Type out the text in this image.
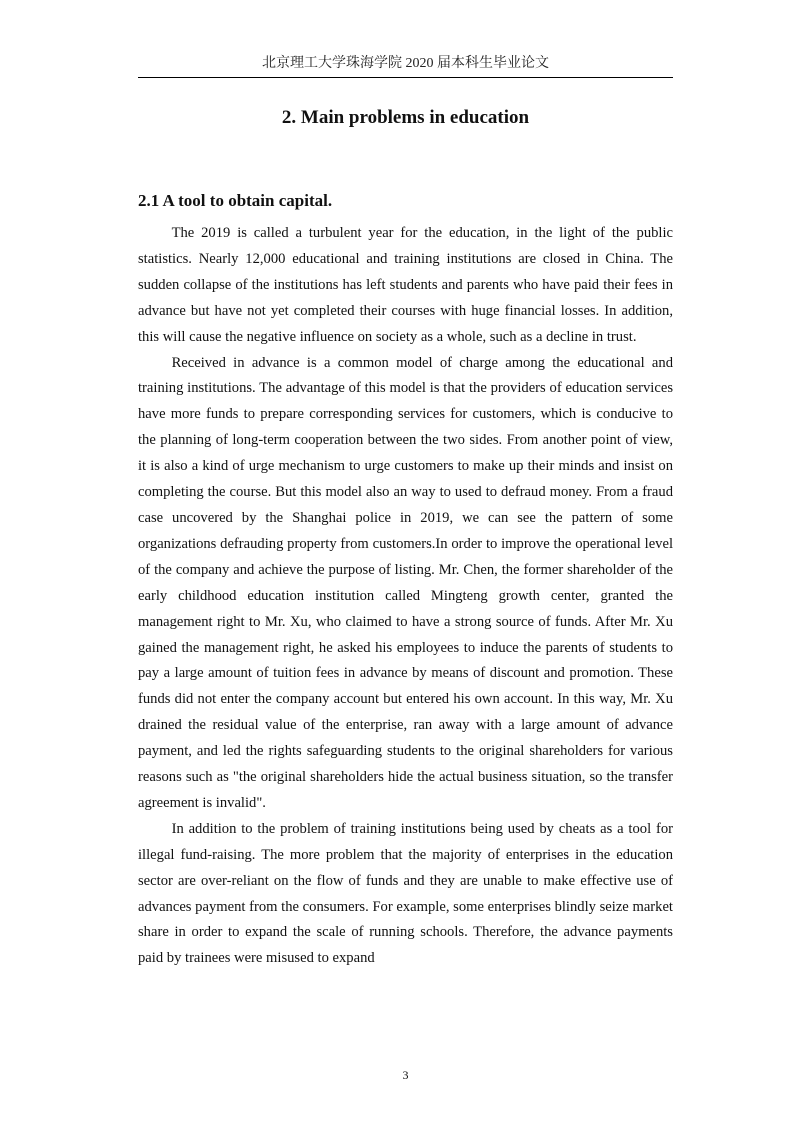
北京理工大学珠海学院 2020 届本科生毕业论文
2. Main problems in education
2.1 A tool to obtain capital.

The 2019 is called a turbulent year for the education, in the light of the public statistics. Nearly 12,000 educational and training institutions are closed in China. The sudden collapse of the institutions has left students and parents who have paid their fees in advance but have not yet completed their courses with huge financial losses. In addition, this will cause the negative influence on society as a whole, such as a decline in trust.

Received in advance is a common model of charge among the educational and training institutions. The advantage of this model is that the providers of education services have more funds to prepare corresponding services for customers, which is conducive to the planning of long-term cooperation between the two sides. From another point of view, it is also a kind of urge mechanism to urge customers to make up their minds and insist on completing the course. But this model also an way to used to defraud money. From a fraud case uncovered by the Shanghai police in 2019, we can see the pattern of some organizations defrauding property from customers.In order to improve the operational level of the company and achieve the purpose of listing. Mr. Chen, the former shareholder of the early childhood education institution called Mingteng growth center, granted the management right to Mr. Xu, who claimed to have a strong source of funds. After Mr. Xu gained the management right, he asked his employees to induce the parents of students to pay a large amount of tuition fees in advance by means of discount and promotion. These funds did not enter the company account but entered his own account. In this way, Mr. Xu drained the residual value of the enterprise, ran away with a large amount of advance payment, and led the rights safeguarding students to the original shareholders for various reasons such as "the original shareholders hide the actual business situation, so the transfer agreement is invalid".

In addition to the problem of training institutions being used by cheats as a tool for illegal fund-raising. The more problem that the majority of enterprises in the education sector are over-reliant on the flow of funds and they are unable to make effective use of advances payment from the consumers. For example, some enterprises blindly seize market share in order to expand the scale of running schools. Therefore, the advance payments paid by trainees were misused to expand

3
